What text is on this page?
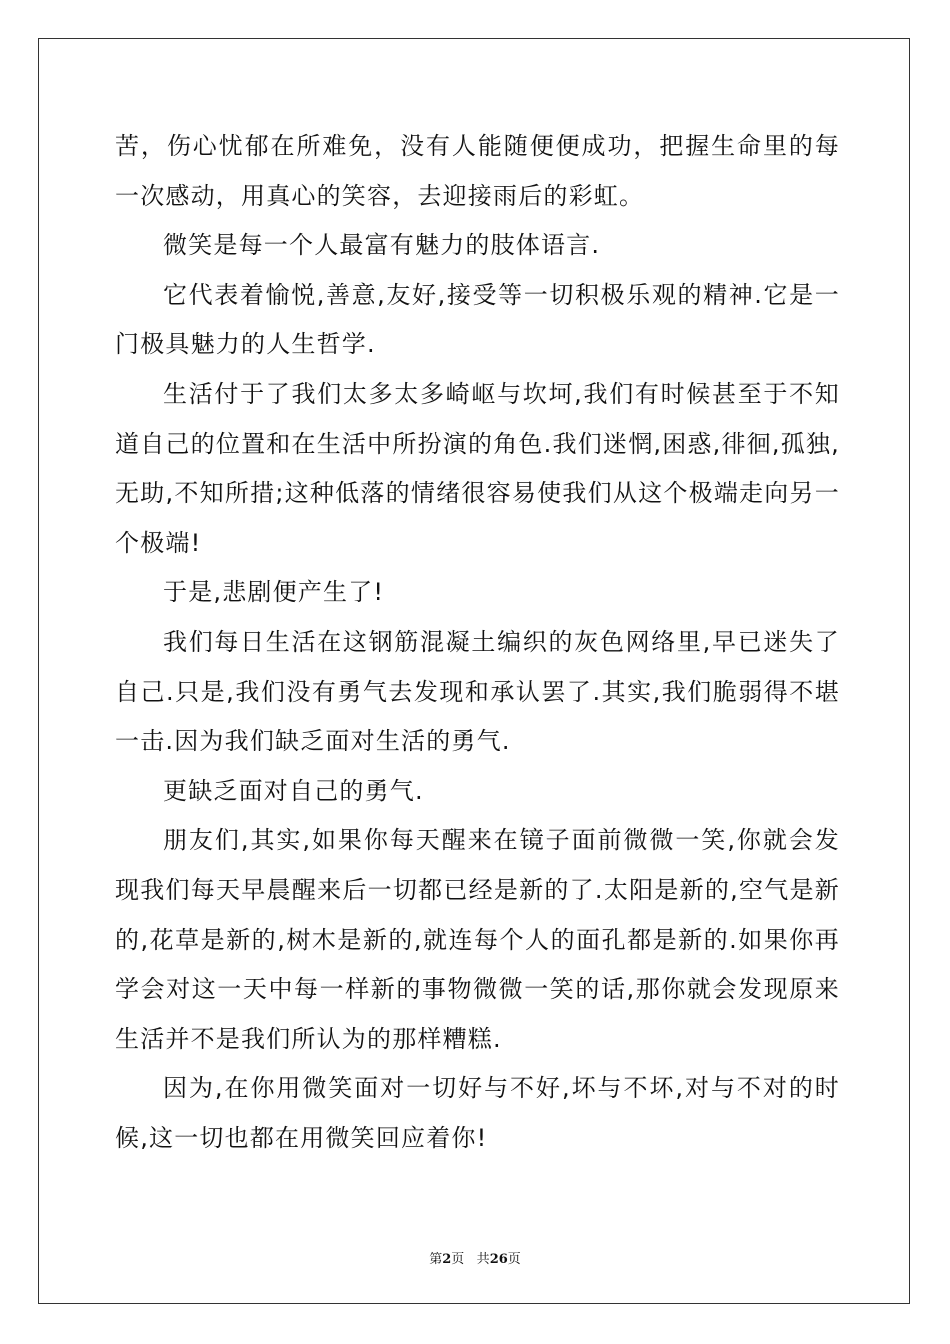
苦，伤心忧郁在所难免，没有人能随便便成功，把握生命里的每一次感动，用真心的笑容，去迎接雨后的彩虹。

微笑是每一个人最富有魅力的肢体语言.

它代表着愉悦,善意,友好,接受等一切积极乐观的精神.它是一门极具魅力的人生哲学.

生活付于了我们太多太多崎岖与坎坷,我们有时候甚至于不知道自己的位置和在生活中所扮演的角色.我们迷惘,困惑,徘徊,孤独,无助,不知所措;这种低落的情绪很容易使我们从这个极端走向另一个极端!

于是,悲剧便产生了!

我们每日生活在这钢筋混凝土编织的灰色网络里,早已迷失了自己.只是,我们没有勇气去发现和承认罢了.其实,我们脆弱得不堪一击.因为我们缺乏面对生活的勇气.

更缺乏面对自己的勇气.

朋友们,其实,如果你每天醒来在镜子面前微微一笑,你就会发现我们每天早晨醒来后一切都已经是新的了.太阳是新的,空气是新的,花草是新的,树木是新的,就连每个人的面孔都是新的.如果你再学会对这一天中每一样新的事物微微一笑的话,那你就会发现原来生活并不是我们所认为的那样糟糕.

因为,在你用微笑面对一切好与不好,坏与不坏,对与不对的时候,这一切也都在用微笑回应着你!

第2页 共26页
